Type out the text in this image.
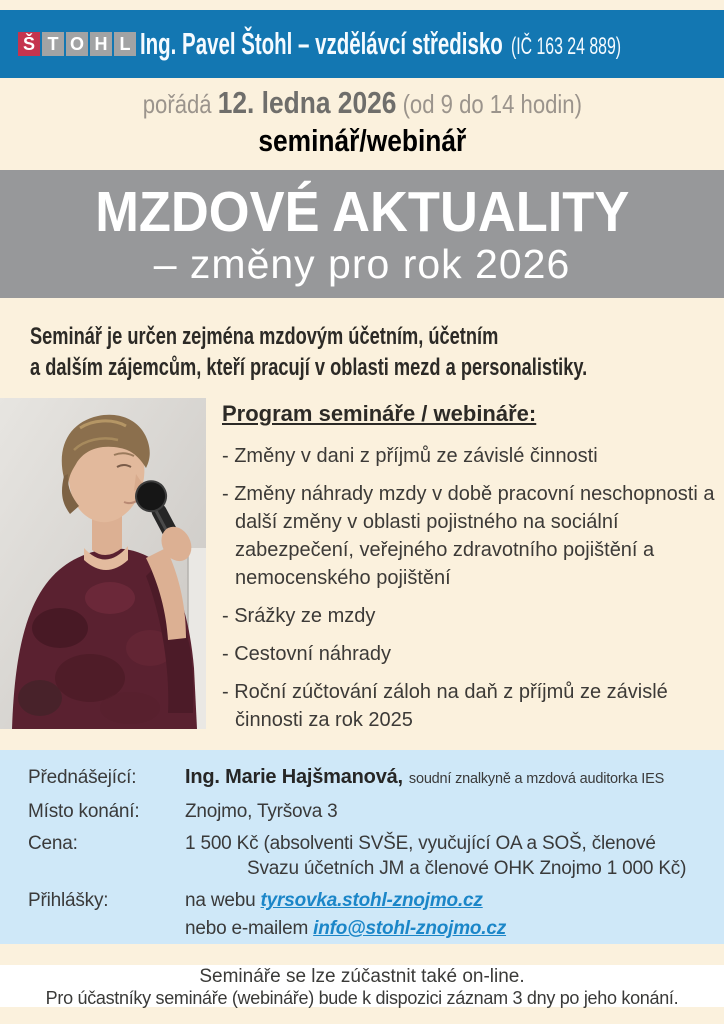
Š T O H L Ing. Pavel Štohl – vzdělávcí středisko (IČ 163 24 889)
pořádá 12. ledna 2026 (od 9 do 14 hodin)
seminář/webinář
MZDOVÉ AKTUALITY
– změny pro rok 2026
Seminář je určen zejména mzdovým účetním, účetním
a dalším zájemcům, kteří pracují v oblasti mezd a personalistiky.
Program semináře / webináře:
- Změny v dani z příjmů ze závislé činnosti
- Změny náhrady mzdy v době pracovní neschopnosti a další změny v oblasti pojistného na sociální zabezpečení, veřejného zdravotního pojištění a nemocenského pojištění
- Srážky ze mzdy
- Cestovní náhrady
- Roční zúčtování záloh na daň z příjmů ze závislé činnosti za rok 2025
Přednášející:	Ing. Marie Hajšmanová, soudní znalkyně a mzdová auditorka IES
Místo konání:	Znojmo, Tyršova 3
Cena:	1 500 Kč (absolventi SVŠE, vyučující OA a SOŠ, členové
Svazu účetních JM a členové OHK Znojmo 1 000 Kč)
Přihlášky:	na webu tyrsovka.stohl-znojmo.cz
nebo e-mailem info@stohl-znojmo.cz
Semináře se lze zúčastnit také on-line.
Pro účastníky semináře (webináře) bude k dispozici záznam 3 dny po jeho konání.
